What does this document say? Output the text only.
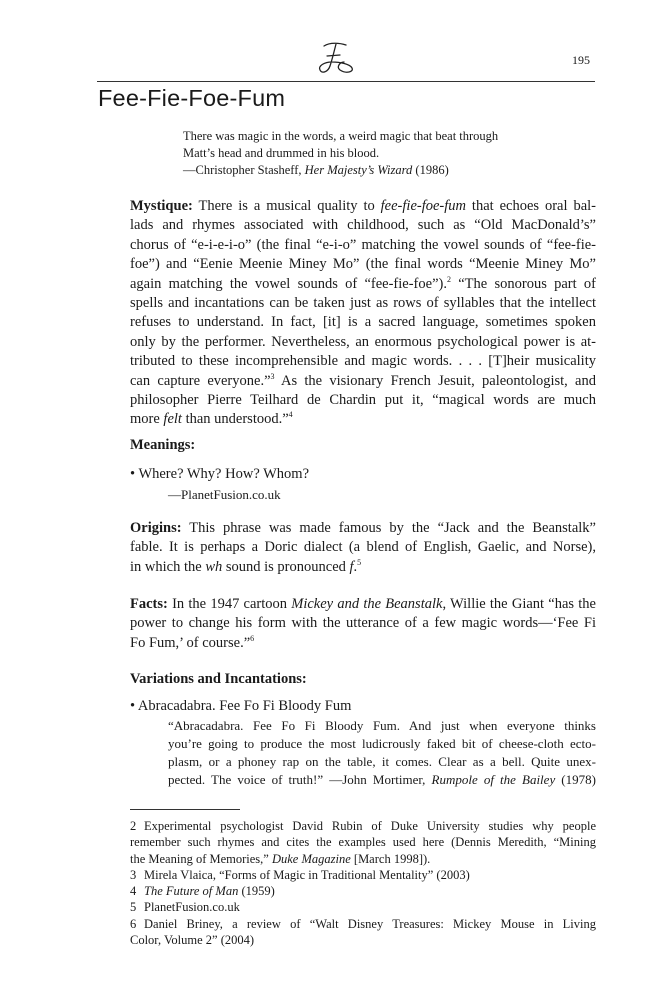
195
Fee-Fie-Foe-Fum

There was magic in the words, a weird magic that beat through

Matt’s head and drummed in his blood.

—Christopher Stasheff, Her Majesty’s Wizard (1986)

Mystique: There is a musical quality to fee-fie-foe-fum that echoes oral bal-
lads and rhymes associated with childhood, such as “Old MacDonald’s”
chorus of “e-i-e-i-o” (the final “e-i-o” matching the vowel sounds of “fee-fie-
foe”) and “Eenie Meenie Miney Mo” (the final words “Meenie Miney Mo”
again matching the vowel sounds of “fee-fie-foe”).$^2$ “The sonorous part of
spells and incantations can be taken just as rows of syllables that the intellect
refuses to understand. In fact, [it] is a sacred language, sometimes spoken
only by the performer. Nevertheless, an enormous psychological power is at-
tributed to these incomprehensible and magic words. . . . [T]heir musicality
can capture everyone.”$^3$ As the visionary French Jesuit, paleontologist, and
philosopher Pierre Teilhard de Chardin put it, “magical words are much
more felt than understood.”$^4$
Meanings:
• Where? Why? How? Whom?
—PlanetFusion.co.uk
Origins: This phrase was made famous by the “Jack and the Beanstalk”
fable. It is perhaps a Doric dialect (a blend of English, Gaelic, and Norse),
in which the wh sound is pronounced f.$^5$
Facts: In the 1947 cartoon Mickey and the Beanstalk, Willie the Giant “has the
power to change his form with the utterance of a few magic words—‘Fee Fi
Fo Fum,’ of course.”$^6$
Variations and Incantations:
• Abracadabra. Fee Fo Fi Bloody Fum
“Abracadabra. Fee Fo Fi Bloody Fum. And just when everyone thinks
you’re going to produce the most ludicrously faked bit of cheese-cloth ecto-
plasm, or a phoney rap on the table, it comes. Clear as a bell. Quite unex-
pected. The voice of truth!” —John Mortimer, Rumpole of the Bailey (1978)
2 Experimental psychologist David Rubin of Duke University studies why people
remember such rhymes and cites the examples used here (Dennis Meredith, “Mining
the Meaning of Memories,” Duke Magazine [March 1998]).
3 Mirela Vlaica, “Forms of Magic in Traditional Mentality” (2003)
4 The Future of Man (1959)
5 PlanetFusion.co.uk
6 Daniel Briney, a review of “Walt Disney Treasures: Mickey Mouse in Living
Color, Volume 2” (2004)
